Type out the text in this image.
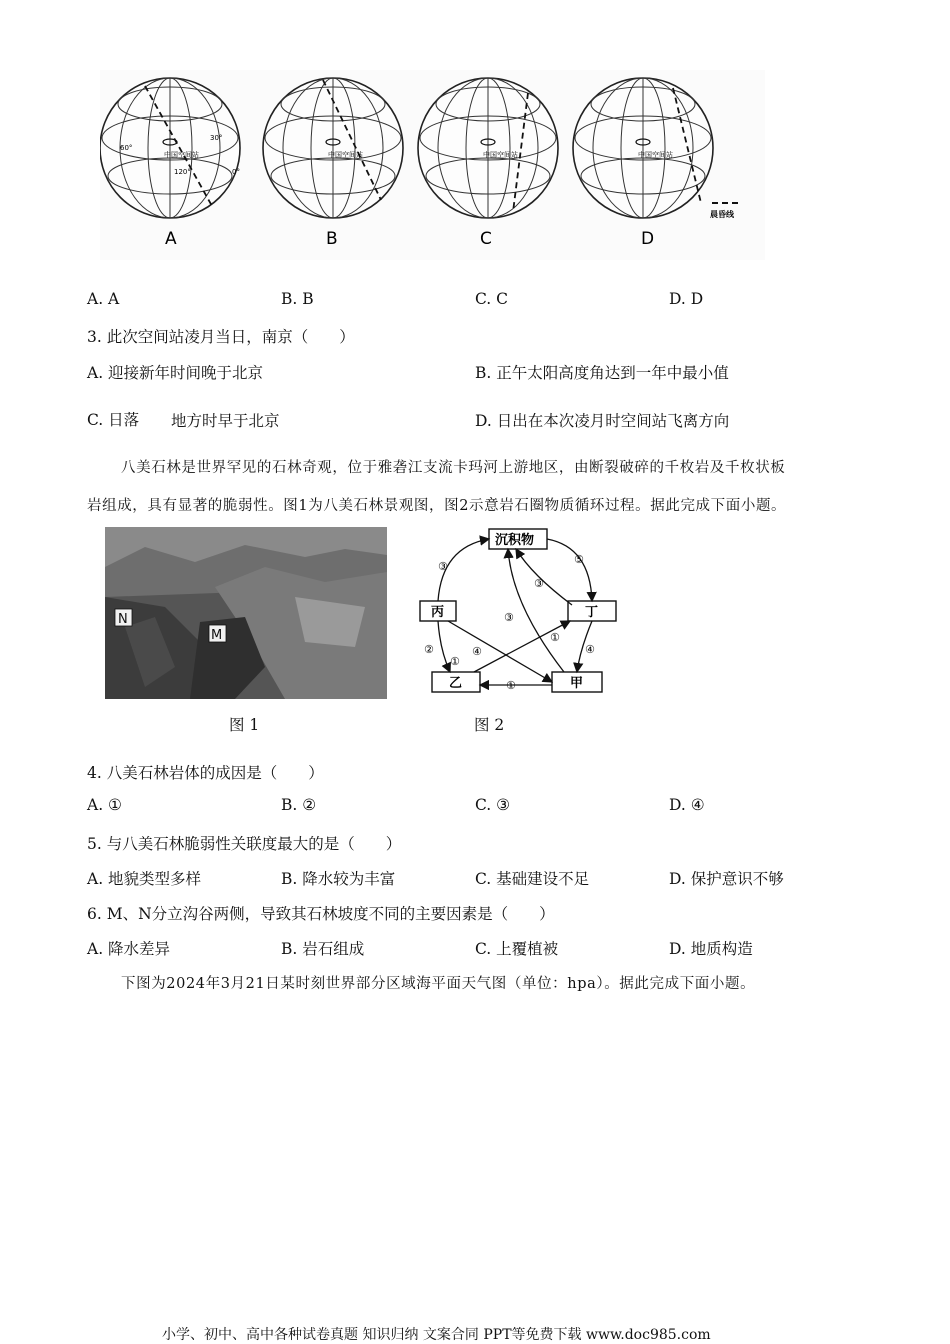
中国空间站
60°
30°
120°	0°
中国空间站	中国空间站	中国空间站
晨昏线
A	B	C	D
A. A	B. B	C. C	D. D
3. 此次空间站凌月当日，南京（　　）
A. 迎接新年时间晚于北京	B. 正午太阳高度角达到一年中最小值
C. 日落 地方时早于北京	D. 日出在本次凌月时空间站飞离方向
八美石林是世界罕见的石林奇观，位于雅砻江支流卡玛河上游地区，由断裂破碎的千枚岩及千枚状板
岩组成，具有显著的脆弱性。图1为八美石林景观图，图2示意岩石圈物质循环过程。据此完成下面小题。
N
M
图 1
沉积物
丙	丁
乙	甲
③
⑤
③
③
①
②
①
④	④
①
图 2
4. 八美石林岩体的成因是（　　）
A. ①	B. ②	C. ③	D. ④
5. 与八美石林脆弱性关联度最大的是（　　）
A. 地貌类型多样	B. 降水较为丰富	C. 基础建设不足	D. 保护意识不够
6. M、N分立沟谷两侧，导致其石林坡度不同的主要因素是（　　）
A. 降水差异	B. 岩石组成	C. 上覆植被	D. 地质构造
下图为2024年3月21日某时刻世界部分区域海平面天气图（单位：hpa）。据此完成下面小题。
小学、初中、高中各种试卷真题 知识归纳 文案合同 PPT等免费下载 www.doc985.com
